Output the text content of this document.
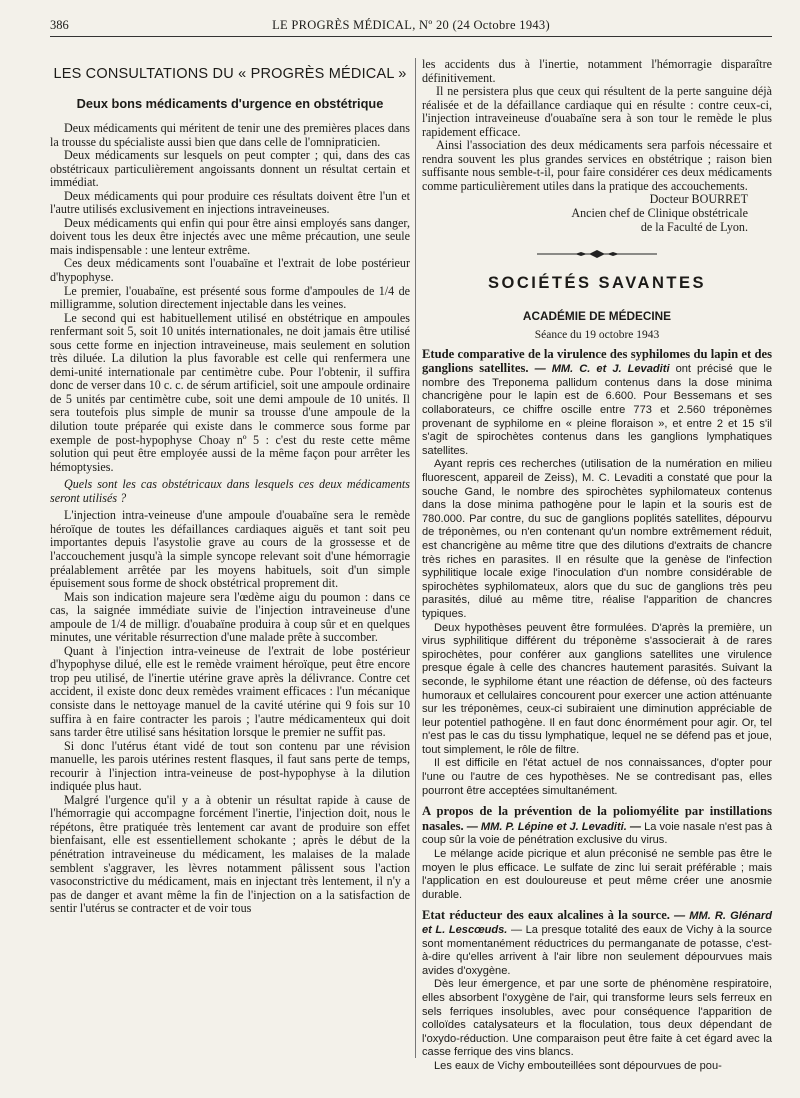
386	LE PROGRÈS MÉDICAL, Nº 20 (24 Octobre 1943)
LES CONSULTATIONS DU « PROGRÈS MÉDICAL »
Deux bons médicaments d'urgence en obstétrique

Deux médicaments qui méritent de tenir une des premières places dans la trousse du spécialiste aussi bien que dans celle de l'omnipraticien.

Deux médicaments sur lesquels on peut compter ; qui, dans des cas obstétricaux particulièrement angoissants donnent un résultat certain et immédiat.

Deux médicaments qui pour produire ces résultats doivent être l'un et l'autre utilisés exclusivement en injections intraveineuses.

Deux médicaments qui enfin qui pour être ainsi employés sans danger, doivent tous les deux être injectés avec une même précaution, une seule mais indispensable : une lenteur extrême.

Ces deux médicaments sont l'ouabaïne et l'extrait de lobe postérieur d'hypophyse.

Le premier, l'ouabaïne, est présenté sous forme d'ampoules de 1/4 de milligramme, solution directement injectable dans les veines.

Le second qui est habituellement utilisé en obstétrique en ampoules renfermant soit 5, soit 10 unités internationales, ne doit jamais être utilisé sous cette forme en injection intraveineuse, mais seulement en solution très diluée. La dilution la plus favorable est celle qui renfermera une demi-unité internationale par centimètre cube. Pour l'obtenir, il suffira donc de verser dans 10 c. c. de sérum artificiel, soit une ampoule ordinaire de 5 unités par centimètre cube, soit une demi ampoule de 10 unités. Il sera toutefois plus simple de munir sa trousse d'une ampoule de la dilution toute préparée qui existe dans le commerce sous forme par exemple de post-hypophyse Choay nº 5 : c'est du reste cette même solution qui peut être employée aussi de la même façon pour arrêter les hémoptysies.

Quels sont les cas obstétricaux dans lesquels ces deux médicaments seront utilisés ?

L'injection intra-veineuse d'une ampoule d'ouabaïne sera le remède héroïque de toutes les défaillances cardiaques aiguës et tant soit peu importantes depuis l'asystolie grave au cours de la grossesse et de l'accouchement jusqu'à la simple syncope relevant soit d'une hémorragie préalablement arrêtée par les moyens habituels, soit d'un simple épuisement sous forme de shock obstétrical proprement dit.

Mais son indication majeure sera l'œdème aigu du poumon : dans ce cas, la saignée immédiate suivie de l'injection intraveineuse d'une ampoule de 1/4 de milligr. d'ouabaïne produira à coup sûr et en quelques minutes, une véritable résurrection d'une malade prête à succomber.

Quant à l'injection intra-veineuse de l'extrait de lobe postérieur d'hypophyse dilué, elle est le remède vraiment héroïque, peut être encore trop peu utilisé, de l'inertie utérine grave après la délivrance. Contre cet accident, il existe donc deux remèdes vraiment efficaces : l'un mécanique consiste dans le nettoyage manuel de la cavité utérine qui 9 fois sur 10 suffira à en faire contracter les parois ; l'autre médicamenteux qui doit sans tarder être utilisé sans hésitation lorsque le premier ne suffit pas.

Si donc l'utérus étant vidé de tout son contenu par une révision manuelle, les parois utérines restent flasques, il faut sans perte de temps, recourir à l'injection intra-veineuse de post-hypophyse à la dilution indiquée plus haut.

Malgré l'urgence qu'il y a à obtenir un résultat rapide à cause de l'hémorragie qui accompagne forcément l'inertie, l'injection doit, nous le répétons, être pratiquée très lentement car avant de produire son effet bienfaisant, elle est essentiellement schokante ; après le début de la pénétration intraveineuse du médicament, les malaises de la malade semblent s'aggraver, les lèvres notamment pâlissent sous l'action vasoconstrictive du médicament, mais en injectant très lentement, il n'y a pas de danger et avant même la fin de l'injection on a la satisfaction de sentir l'utérus se contracter et de voir tous

les accidents dus à l'inertie, notamment l'hémorragie disparaître définitivement.

Il ne persistera plus que ceux qui résultent de la perte sanguine déjà réalisée et de la défaillance cardiaque qui en résulte : contre ceux-ci, l'injection intraveineuse d'ouabaïne sera à son tour le remède le plus rapidement efficace.

Ainsi l'association des deux médicaments sera parfois nécessaire et rendra souvent les plus grandes services en obstétrique ; raison bien suffisante nous semble-t-il, pour faire considérer ces deux médicaments comme particulièrement utiles dans la pratique des accouchements.

Docteur BOURRET

Ancien chef de Clinique obstétricale

de la Faculté de Lyon.

SOCIÉTÉS SAVANTES
ACADÉMIE DE MÉDECINE

Séance du 19 octobre 1943

Etude comparative de la virulence des syphilomes du lapin et des ganglions satellites. — MM. C. et J. Levaditi ont précisé que le nombre des Treponema pallidum contenus dans la dose minima chancrigène pour le lapin est de 6.600. Pour Bessemans et ses collaborateurs, ce chiffre oscille entre 773 et 2.560 tréponèmes provenant de syphilome en « pleine floraison », et entre 2 et 15 s'il s'agit de spirochètes contenus dans les ganglions lymphatiques satellites.

Ayant repris ces recherches (utilisation de la numération en milieu fluorescent, appareil de Zeiss), M. C. Levaditi a constaté que pour la souche Gand, le nombre des spirochètes syphilomateux contenus dans la dose minima pathogène pour le lapin et la souris est de 780.000. Par contre, du suc de ganglions poplités satellites, dépourvu de tréponèmes, ou n'en contenant qu'un nombre extrêmement réduit, est chancrigène au même titre que des dilutions d'extraits de chancre très riches en parasites. Il en résulte que la genèse de l'infection syphilitique locale exige l'inoculation d'un nombre considérable de spirochètes syphilomateux, alors que du suc de ganglions très peu parasités, dilué au même titre, réalise l'apparition de chancres typiques.

Deux hypothèses peuvent être formulées. D'après la première, un virus syphilitique différent du tréponème s'associerait à de rares spirochètes, pour conférer aux ganglions satellites une virulence presque égale à celle des chancres hautement parasités. Suivant la seconde, le syphilome étant une réaction de défense, où des facteurs humoraux et cellulaires concourent pour exercer une action atténuante sur les tréponèmes, ceux-ci subiraient une diminution appréciable de leur potentiel pathogène. Il en faut donc énormément pour agir. Or, tel n'est pas le cas du tissu lymphatique, lequel ne se défend pas et joue, tout simplement, le rôle de filtre.

Il est difficile en l'état actuel de nos connaissances, d'opter pour l'une ou l'autre de ces hypothèses. Ne se contredisant pas, elles pourront être acceptées simultanément.

A propos de la prévention de la poliomyélite par instillations nasales. — MM. P. Lépine et J. Levaditi. — La voie nasale n'est pas à coup sûr la voie de pénétration exclusive du virus.

Le mélange acide picrique et alun préconisé ne semble pas être le moyen le plus efficace. Le sulfate de zinc lui serait préférable ; mais l'application en est douloureuse et peut même créer une anosmie durable.

Etat réducteur des eaux alcalines à la source. — MM. R. Glénard et L. Lescœuds. — La presque totalité des eaux de Vichy à la source sont momentanément réductrices du permanganate de potasse, c'est-à-dire qu'elles arrivent à l'air libre non seulement dépourvues mais avides d'oxygène.

Dès leur émergence, et par une sorte de phénomène respiratoire, elles absorbent l'oxygène de l'air, qui transforme leurs sels ferreux en sels ferriques insolubles, avec pour conséquence l'apparition de colloïdes catalysateurs et la floculation, tous deux dépendant de l'oxydo-réduction. Une comparaison peut être faite à cet égard avec la casse ferrique des vins blancs.

Les eaux de Vichy embouteillées sont dépourvues de pou-
